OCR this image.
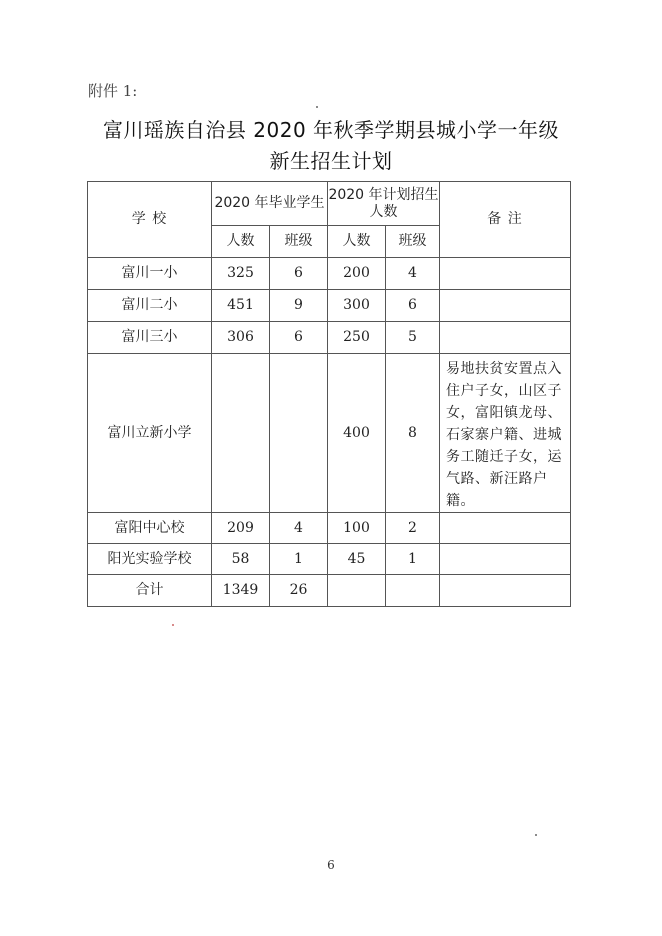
附件 1:
富川瑶族自治县 2020 年秋季学期县城小学一年级
新生招生计划
学 校	2020 年毕业学生		2020 年计划招生人数		备 注
	人数	班级	人数	班级	
富川一小	325	6	200	4	
富川二小	451	9	300	6	
富川三小	306	6	250	5	
富川立新小学			400	8	易地扶贫安置点入住户子女，山区子女，富阳镇龙母、石家寨户籍、进城务工随迁子女，运气路、新汪路户籍。
富阳中心校	209	4	100	2	
阳光实验学校	58	1	45	1	
合计	1349	26			
6
